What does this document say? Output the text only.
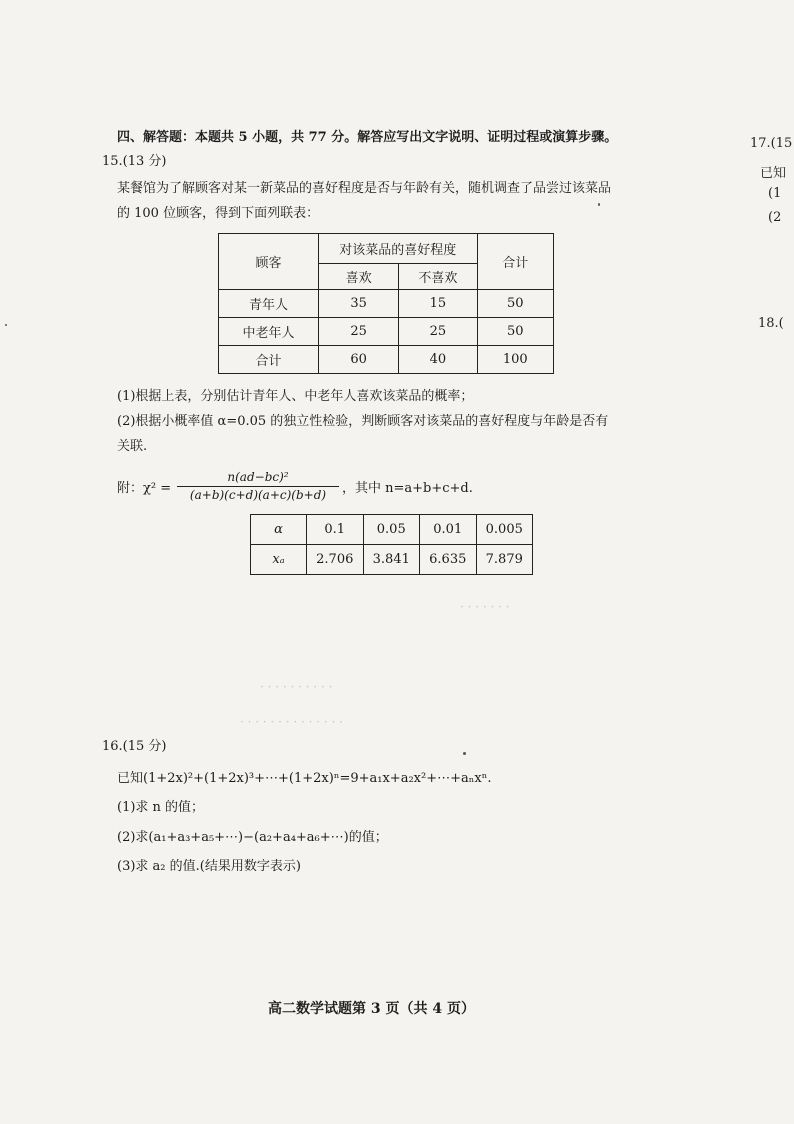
四、解答题：本题共 5 小题，共 77 分。解答应写出文字说明、证明过程或演算步骤。
15.(13 分)
某餐馆为了解顾客对某一新菜品的喜好程度是否与年龄有关，随机调查了品尝过该菜品
的 100 位顾客，得到下面列联表：
顾客	对该菜品的喜好程度		合计
	喜欢	不喜欢	
青年人	35	15	50
中老年人	25	25	50
合计	60	40	100
(1)根据上表，分别估计青年人、中老年人喜欢该菜品的概率；
(2)根据小概率值 α=0.05 的独立性检验，判断顾客对该菜品的喜好程度与年龄是否有
关联.
附：χ² =
n(ad−bc)²
(a+b)(c+d)(a+c)(b+d)	，其中 n=a+b+c+d.
α	0.1	0.05	0.01	0.005
xₐ	2.706	3.841	6.635	7.879
· · · · · · ·
· · · · · · · · · ·
· · · · · · · · · · · · · ·
16.(15 分)
已知(1+2x)²+(1+2x)³+⋯+(1+2x)ⁿ=9+a₁x+a₂x²+⋯+aₙxⁿ.
(1)求 n 的值；
(2)求(a₁+a₃+a₅+⋯)−(a₂+a₄+a₆+⋯)的值；
(3)求 a₂ 的值.(结果用数字表示)
高二数学试题第 3 页（共 4 页）
17.(15
已知
(1
(2
18.(
